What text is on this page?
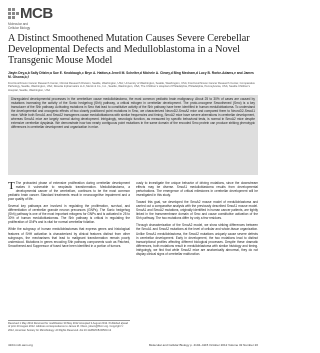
MCB
Molecular and
Cellular Biology
A Distinct Smoothened Mutation Causes Severe Cerebellar Developmental Defects and Medulloblastoma in a Novel Transgenic Mouse Model
Jiayin Dey,a,b Sally Ditzler,a Sue E. Knoblaugh,c Bryn A. Hatton,a Jenell M. Schelter,d Michele A. Cleary,d Bing Mecham,d Lucy B. Rorke-Adams,e and James M. Olsona,b,f
Fred Hutchinson Cancer Research Center, Clinical Research Division, Seattle, Washington, USA; University of Washington, Seattle, Washington, USA; Fred Hutchinson Cancer Research Center, Comparative Pathology, Seattle, Washington, USA; Rosetta Inpharmatics LLC, Merck & Co., Inc., Seattle, Washington, USA; The Children's Hospital of Philadelphia, Philadelphia, Pennsylvania, USA; Seattle Children's Hospital, Seattle, Washington, USA
Disregulated developmental processes in the cerebellum cause medulloblastoma, the most common pediatric brain malignancy. About 25 to 30% of cases are caused by mutations increasing the activity of the Sonic hedgehog (Shh) pathway, a critical mitogen in cerebellar development. The proto-oncogene Smoothened (Smo) is a key transducer of the Shh pathway. Activating mutations in Smo that lead to constitutive activity of the Shh pathway have been identified in human medulloblastoma. To understand the developmental and oncogenic effects of two closely positioned point mutations in Smo, we characterized NeuroD2-SmoA2 mice and compared them to NeuroD2-SmoA1 mice. While both SmoA1 and SmoA2 transgenes cause medulloblastoma with similar frequencies and timing, SmoA2 mice have severe aberrations in cerebellar development, whereas SmoA1 mice are largely normal during development. Intriguingly, neurologic function, as measured by specific behavioral tests, is normal in SmoA2 mice despite extensive cerebellar dysplasia. We demonstrate how two nearly contiguous point mutations in the same domain of the encoded Smo protein can produce striking phenotypic differences in cerebellar development and organization in mice.

T The protracted phase of extensive proliferation during cerebellar development makes it vulnerable to neoplastic transformation. Medulloblastoma, a developmental cancer of the cerebellum, continues to be the most common pediatric brain cancer. Standard treatments result in neurocognitive impairment and a poor quality of life.

Several key pathways are involved in regulating the proliferation, survival, and differentiation of cerebellar granule neuron precursors (GNPs). The Sonic hedgehog (Shh) pathway is one of the most important mitogens for GNPs and is activated in 25 to 30% of human medulloblastomas. The Shh pathway is critical in regulating the proliferation of GNPs and is vital for normal cerebellar foliation.

While the subgroup of human medulloblastomas that express genes and histological features of SHH activation is characterized by clinical features distinct from other subgroups, the mechanisms that lead to malignant transformation remain poorly understood. Mutations in genes encoding Shh pathway components such as Patched, Smoothened and Suppressor of fused have been identified in a portion of tumors.

ously to investigate the unique behavior of driving mutations, since the downstream effects may be diverse. SmoA1 medulloblastoma results from developmental perturbations. The emergence of critical milestones in cerebellar development will be investigated in this study.

Toward this goal, we developed the SmoA2 mouse model of medulloblastoma and carried out a comparative analysis with the previously described SmoA1 mouse model. SmoA1 and SmoA2 mutations, originally identified in human cancer patients, are tightly linked in the transmembrane domain of Smo and cause constitutive activation of the Shh pathway. The two mutations differ by only a few residues.

Through characterization of the SmoA2 model, we show striking differences between the SmoA1 and SmoA2 mutations at the level of cellular and whole-tissue organization. Unlike SmoA1 medulloblastoma, the SmoA2 mutations uniquely cause severe defects in cerebellar development. Early in development, the two mutations lead to distinct transcriptional profiles affecting different biological processes. Despite these dramatic differences, both mutations result in medulloblastoma with similar histology and timing. Intriguingly, we find that while SmoA2 mice are anatomically abnormal, they do not display clinical signs of cerebellar malfunction.

Received 1 May 2012 Returned for modification 30 May 2012 Accepted 3 August 2012. Published ahead of print 20 August 2012. Address correspondence to James M. Olson, jolson@fhcrc.org. Copyright © 2012, American Society for Microbiology. All Rights Reserved. doi:10.1128/MCB.00563-12
4104 mcb.asm.org	Molecular and Cellular Biology p. 4104–4115 October 2012 Volume 32 Number 20
